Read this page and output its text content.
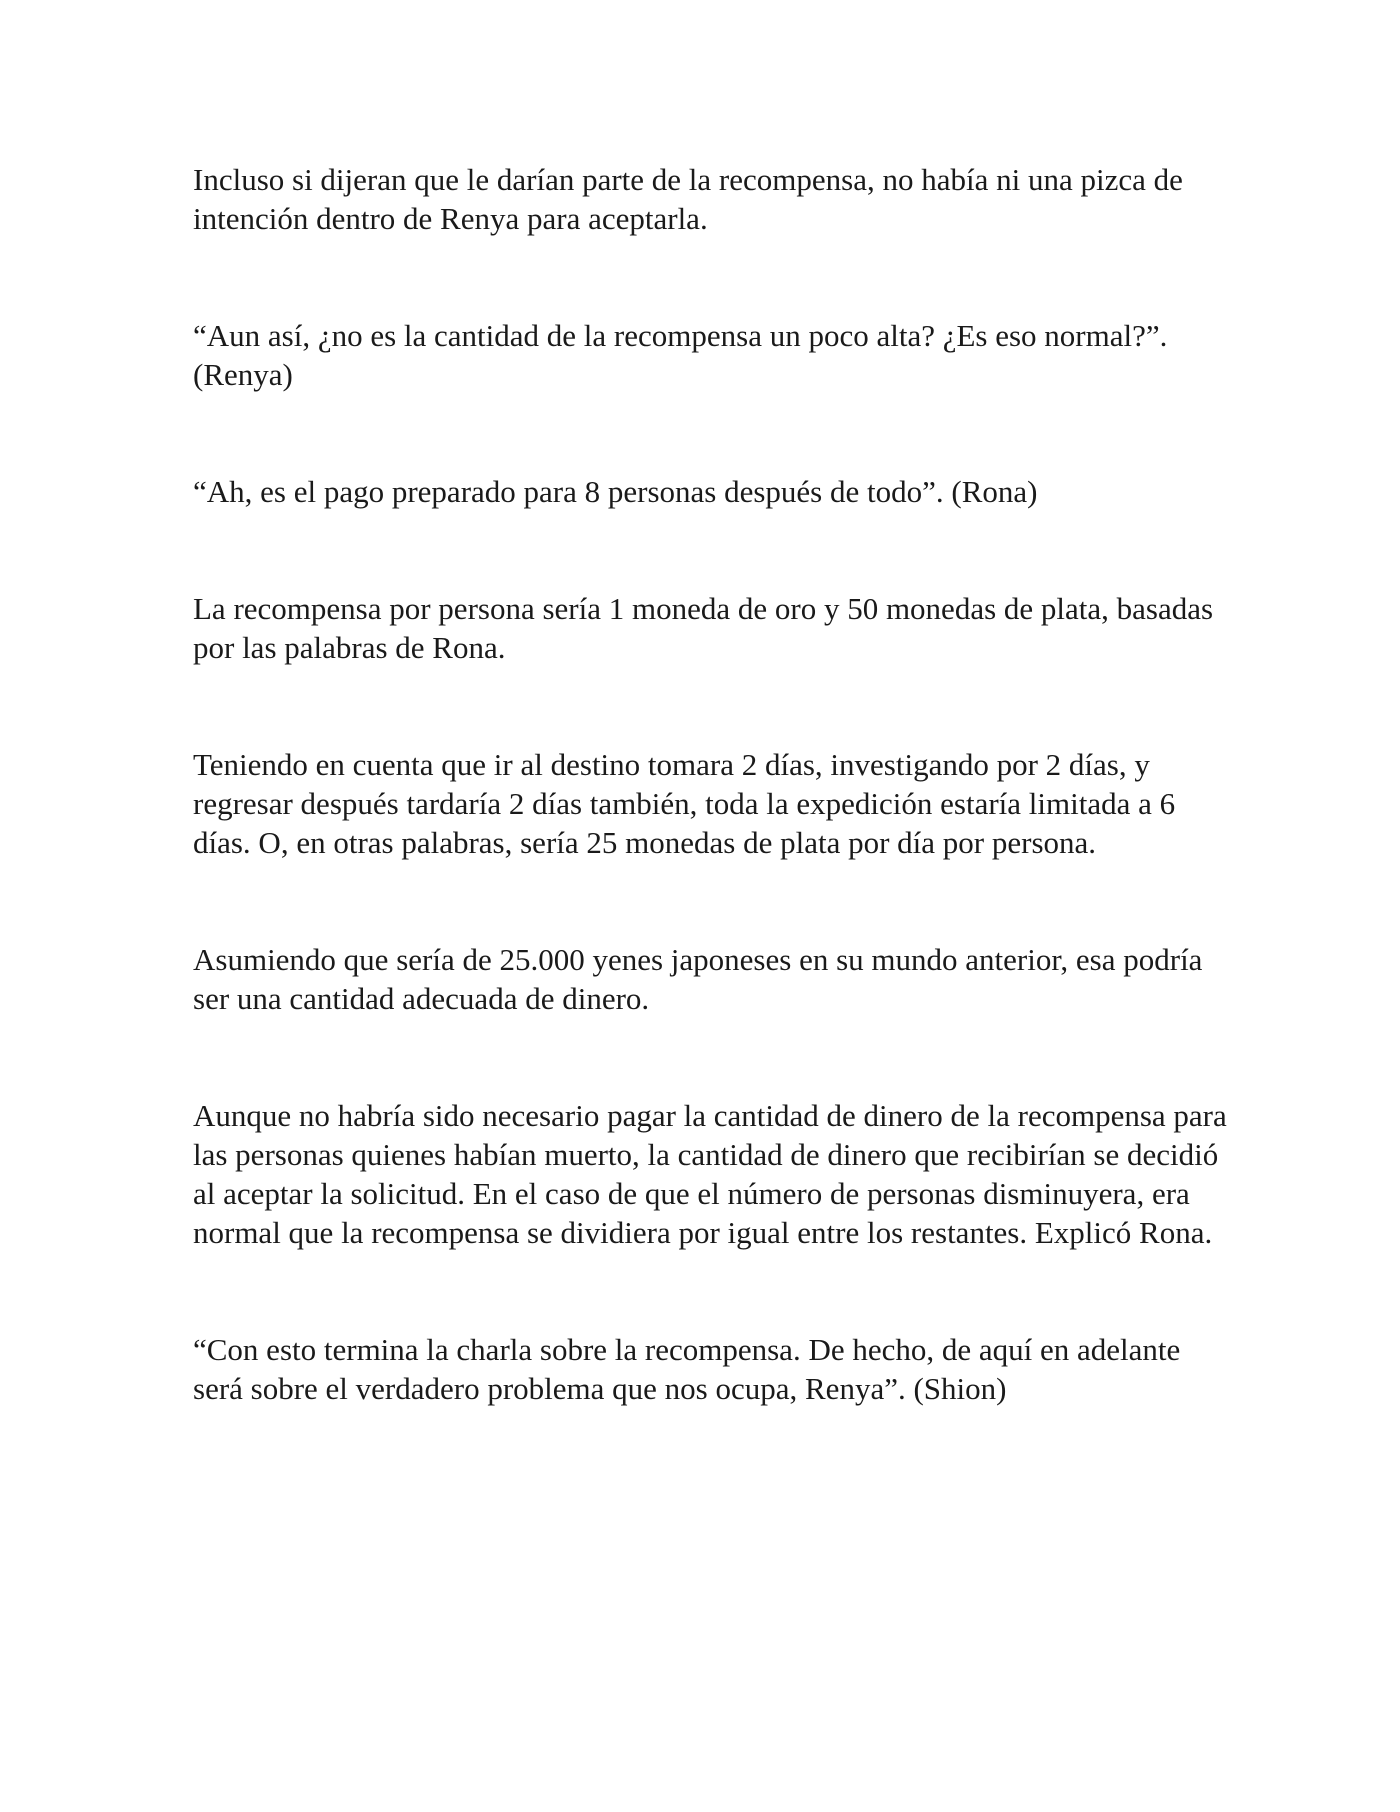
Incluso si dijeran que le darían parte de la recompensa, no había ni una pizca de intención dentro de Renya para aceptarla.

“Aun así, ¿no es la cantidad de la recompensa un poco alta? ¿Es eso normal?”. (Renya)

“Ah, es el pago preparado para 8 personas después de todo”. (Rona)

La recompensa por persona sería 1 moneda de oro y 50 monedas de plata, basadas por las palabras de Rona.

Teniendo en cuenta que ir al destino tomara 2 días, investigando por 2 días, y regresar después tardaría 2 días también, toda la expedición estaría limitada a 6 días. O, en otras palabras, sería 25 monedas de plata por día por persona.

Asumiendo que sería de 25.000 yenes japoneses en su mundo anterior, esa podría ser una cantidad adecuada de dinero.

Aunque no habría sido necesario pagar la cantidad de dinero de la recompensa para las personas quienes habían muerto, la cantidad de dinero que recibirían se decidió al aceptar la solicitud. En el caso de que el número de personas disminuyera, era normal que la recompensa se dividiera por igual entre los restantes. Explicó Rona.

“Con esto termina la charla sobre la recompensa. De hecho, de aquí en adelante será sobre el verdadero problema que nos ocupa, Renya”. (Shion)
